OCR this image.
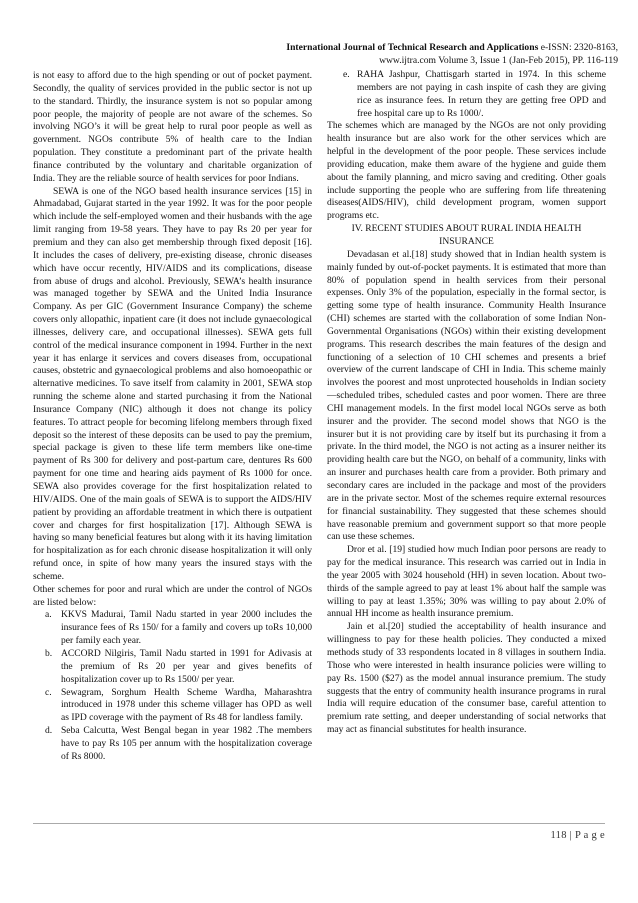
International Journal of Technical Research and Applications e-ISSN: 2320-8163,
www.ijtra.com Volume 3, Issue 1 (Jan-Feb 2015), PP. 116-119

is not easy to afford due to the high spending or out of pocket payment. Secondly, the quality of services provided in the public sector is not up to the standard. Thirdly, the insurance system is not so popular among poor people, the majority of people are not aware of the schemes. So involving NGO’s it will be great help to rural poor people as well as government. NGOs contribute 5% of health care to the Indian population. They constitute a predominant part of the private health finance contributed by the voluntary and charitable organization of India. They are the reliable source of health services for poor Indians.

SEWA is one of the NGO based health insurance services [15] in Ahmadabad, Gujarat started in the year 1992. It was for the poor people which include the self-employed women and their husbands with the age limit ranging from 19-58 years. They have to pay Rs 20 per year for premium and they can also get membership through fixed deposit [16]. It includes the cases of delivery, pre-existing disease, chronic diseases which have occur recently, HIV/AIDS and its complications, disease from abuse of drugs and alcohol. Previously, SEWA’s health insurance was managed together by SEWA and the United India Insurance Company. As per GIC (Government Insurance Company) the scheme covers only allopathic, inpatient care (it does not include gynaecological illnesses, delivery care, and occupational illnesses). SEWA gets full control of the medical insurance component in 1994. Further in the next year it has enlarge it services and covers diseases from, occupational causes, obstetric and gynaecological problems and also homoeopathic or alternative medicines. To save itself from calamity in 2001, SEWA stop running the scheme alone and started purchasing it from the National Insurance Company (NIC) although it does not change its policy features. To attract people for becoming lifelong members through fixed deposit so the interest of these deposits can be used to pay the premium, special package is given to these life term members like one-time payment of Rs 300 for delivery and post-partum care, dentures Rs 600 payment for one time and hearing aids payment of Rs 1000 for once. SEWA also provides coverage for the first hospitalization related to HIV/AIDS. One of the main goals of SEWA is to support the AIDS/HIV patient by providing an affordable treatment in which there is outpatient cover and charges for first hospitalization [17]. Although SEWA is having so many beneficial features but along with it its having limitation for hospitalization as for each chronic disease hospitalization it will only refund once, in spite of how many years the insured stays with the scheme.

Other schemes for poor and rural which are under the control of NGOs are listed below:

a. KKVS Madurai, Tamil Nadu started in year 2000 includes the insurance fees of Rs 150/ for a family and covers up toRs 10,000 per family each year.
b. ACCORD Nilgiris, Tamil Nadu started in 1991 for Adivasis at the premium of Rs 20 per year and gives benefits of hospitalization cover up to Rs 1500/ per year.
c. Sewagram, Sorghum Health Scheme Wardha, Maharashtra introduced in 1978 under this scheme villager has OPD as well as IPD coverage with the payment of Rs 48 for landless family.
d. Seba Calcutta, West Bengal began in year 1982 .The members have to pay Rs 105 per annum with the hospitalization coverage of Rs 8000.
e. RAHA Jashpur, Chattisgarh started in 1974. In this scheme members are not paying in cash inspite of cash they are giving rice as insurance fees. In return they are getting free OPD and free hospital care up to Rs 1000/.

The schemes which are managed by the NGOs are not only providing health insurance but are also work for the other services which are helpful in the development of the poor people. These services include providing education, make them aware of the hygiene and guide them about the family planning, and micro saving and crediting. Other goals include supporting the people who are suffering from life threatening diseases(AIDS/HIV), child development program, women support programs etc.

IV. RECENT STUDIES ABOUT RURAL INDIA HEALTH INSURANCE

Devadasan et al.[18] study showed that in Indian health system is mainly funded by out-of-pocket payments. It is estimated that more than 80% of population spend in health services from their personal expenses. Only 3% of the population, especially in the formal sector, is getting some type of health insurance. Community Health Insurance (CHI) schemes are started with the collaboration of some Indian Non-Governmental Organisations (NGOs) within their existing development programs. This research describes the main features of the design and functioning of a selection of 10 CHI schemes and presents a brief overview of the current landscape of CHI in India. This scheme mainly involves the poorest and most unprotected households in Indian society—scheduled tribes, scheduled castes and poor women. There are three CHI management models. In the first model local NGOs serve as both insurer and the provider. The second model shows that NGO is the insurer but it is not providing care by itself but its purchasing it from a private. In the third model, the NGO is not acting as a insurer neither its providing health care but the NGO, on behalf of a community, links with an insurer and purchases health care from a provider. Both primary and secondary cares are included in the package and most of the providers are in the private sector. Most of the schemes require external resources for financial sustainability. They suggested that these schemes should have reasonable premium and government support so that more people can use these schemes.

Dror et al. [19] studied how much Indian poor persons are ready to pay for the medical insurance. This research was carried out in India in the year 2005 with 3024 household (HH) in seven location. About two-thirds of the sample agreed to pay at least 1% about half the sample was willing to pay at least 1.35%; 30% was willing to pay about 2.0% of annual HH income as health insurance premium.

Jain et al.[20] studied the acceptability of health insurance and willingness to pay for these health policies. They conducted a mixed methods study of 33 respondents located in 8 villages in southern India. Those who were interested in health insurance policies were willing to pay Rs. 1500 ($27) as the model annual insurance premium. The study suggests that the entry of community health insurance programs in rural India will require education of the consumer base, careful attention to premium rate setting, and deeper understanding of social networks that may act as financial substitutes for health insurance.

118 | P a g e
